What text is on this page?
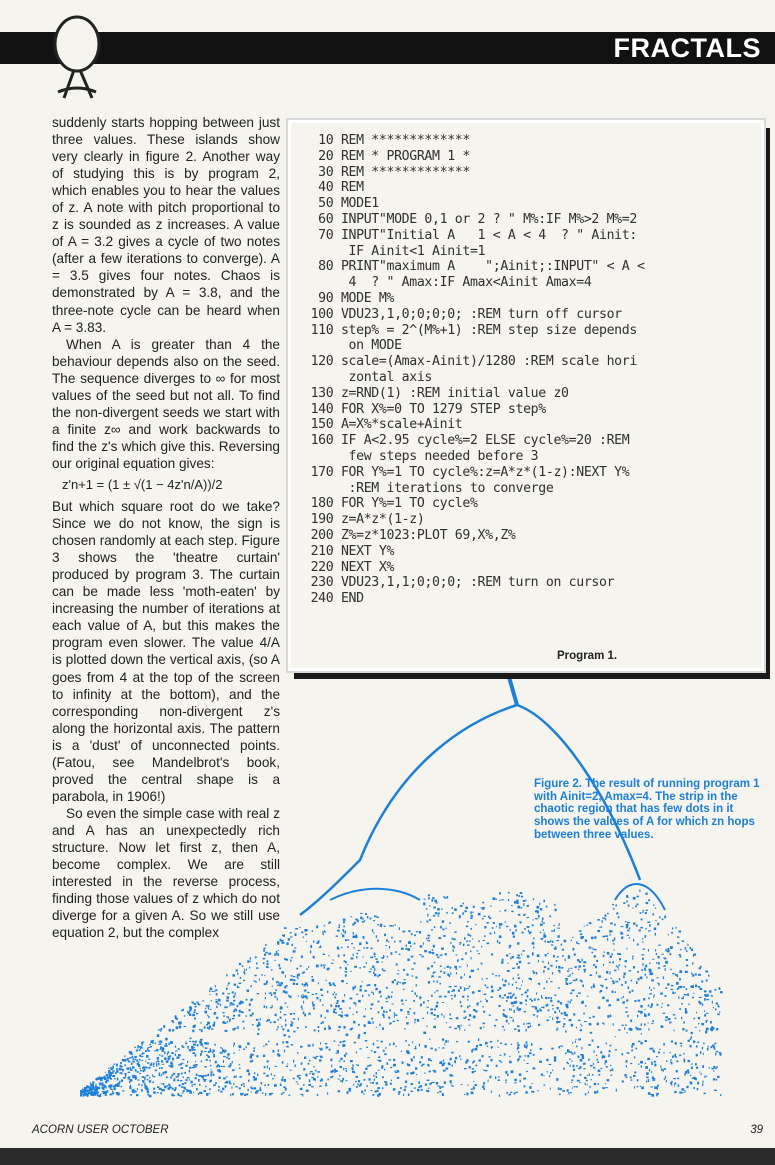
FRACTALS

suddenly starts hopping between just three values. These islands show very clearly in figure 2. Another way of studying this is by program 2, which enables you to hear the values of z. A note with pitch proportional to z is sounded as z increases. A value of A = 3.2 gives a cycle of two notes (after a few iterations to converge). A = 3.5 gives four notes. Chaos is demonstrated by A = 3.8, and the three-note cycle can be heard when A = 3.83.

When A is greater than 4 the behaviour depends also on the seed. The sequence diverges to ∞ for most values of the seed but not all. To find the non-divergent seeds we start with a finite z∞ and work backwards to find the z's which give this. Reversing our original equation gives:

z'n+1 = (1 ± √(1 − 4z'n/A))/2

But which square root do we take? Since we do not know, the sign is chosen randomly at each step. Figure 3 shows the 'theatre curtain' produced by program 3. The curtain can be made less 'moth-eaten' by increasing the number of iterations at each value of A, but this makes the program even slower. The value 4/A is plotted down the vertical axis, (so A goes from 4 at the top of the screen to infinity at the bottom), and the corresponding non-divergent z's along the horizontal axis. The pattern is a 'dust' of unconnected points. (Fatou, see Mandelbrot's book, proved the central shape is a parabola, in 1906!)

So even the simple case with real z and A has an unexpectedly rich structure. Now let first z, then A, become complex. We are still interested in the reverse process, finding those values of z which do not diverge for a given A. So we still use equation 2, but the complex

10 REM *************
20 REM * PROGRAM 1 *
30 REM *************
40 REM
50 MODE1
60 INPUT"MODE 0,1 or 2 ? " M%:IF M%>2 M%=2
70 INPUT"Initial A   1 < A < 4  ? " Ainit:
IF Ainit<1 Ainit=1
80 PRINT"maximum A    ";Ainit;:INPUT" < A <
4  ? " Amax:IF Amax<Ainit Amax=4
90 MODE M%
100 VDU23,1,0;0;0;0; :REM turn off cursor
110 step% = 2^(M%+1) :REM step size depends
on MODE
120 scale=(Amax-Ainit)/1280 :REM scale hori
zontal axis
130 z=RND(1) :REM initial value z0
140 FOR X%=0 TO 1279 STEP step%
150 A=X%*scale+Ainit
160 IF A<2.95 cycle%=2 ELSE cycle%=20 :REM
few steps needed before 3
170 FOR Y%=1 TO cycle%:z=A*z*(1-z):NEXT Y%
:REM iterations to converge
180 FOR Y%=1 TO cycle%
190 z=A*z*(1-z)
200 Z%=z*1023:PLOT 69,X%,Z%
210 NEXT Y%
220 NEXT X%
230 VDU23,1,1;0;0;0; :REM turn on cursor
240 END
Program 1.
Figure 2. The result of running program 1 with Ainit=2, Amax=4. The strip in the chaotic region that has few dots in it shows the values of A for which zn hops between three values.
ACORN USER OCTOBER	39
